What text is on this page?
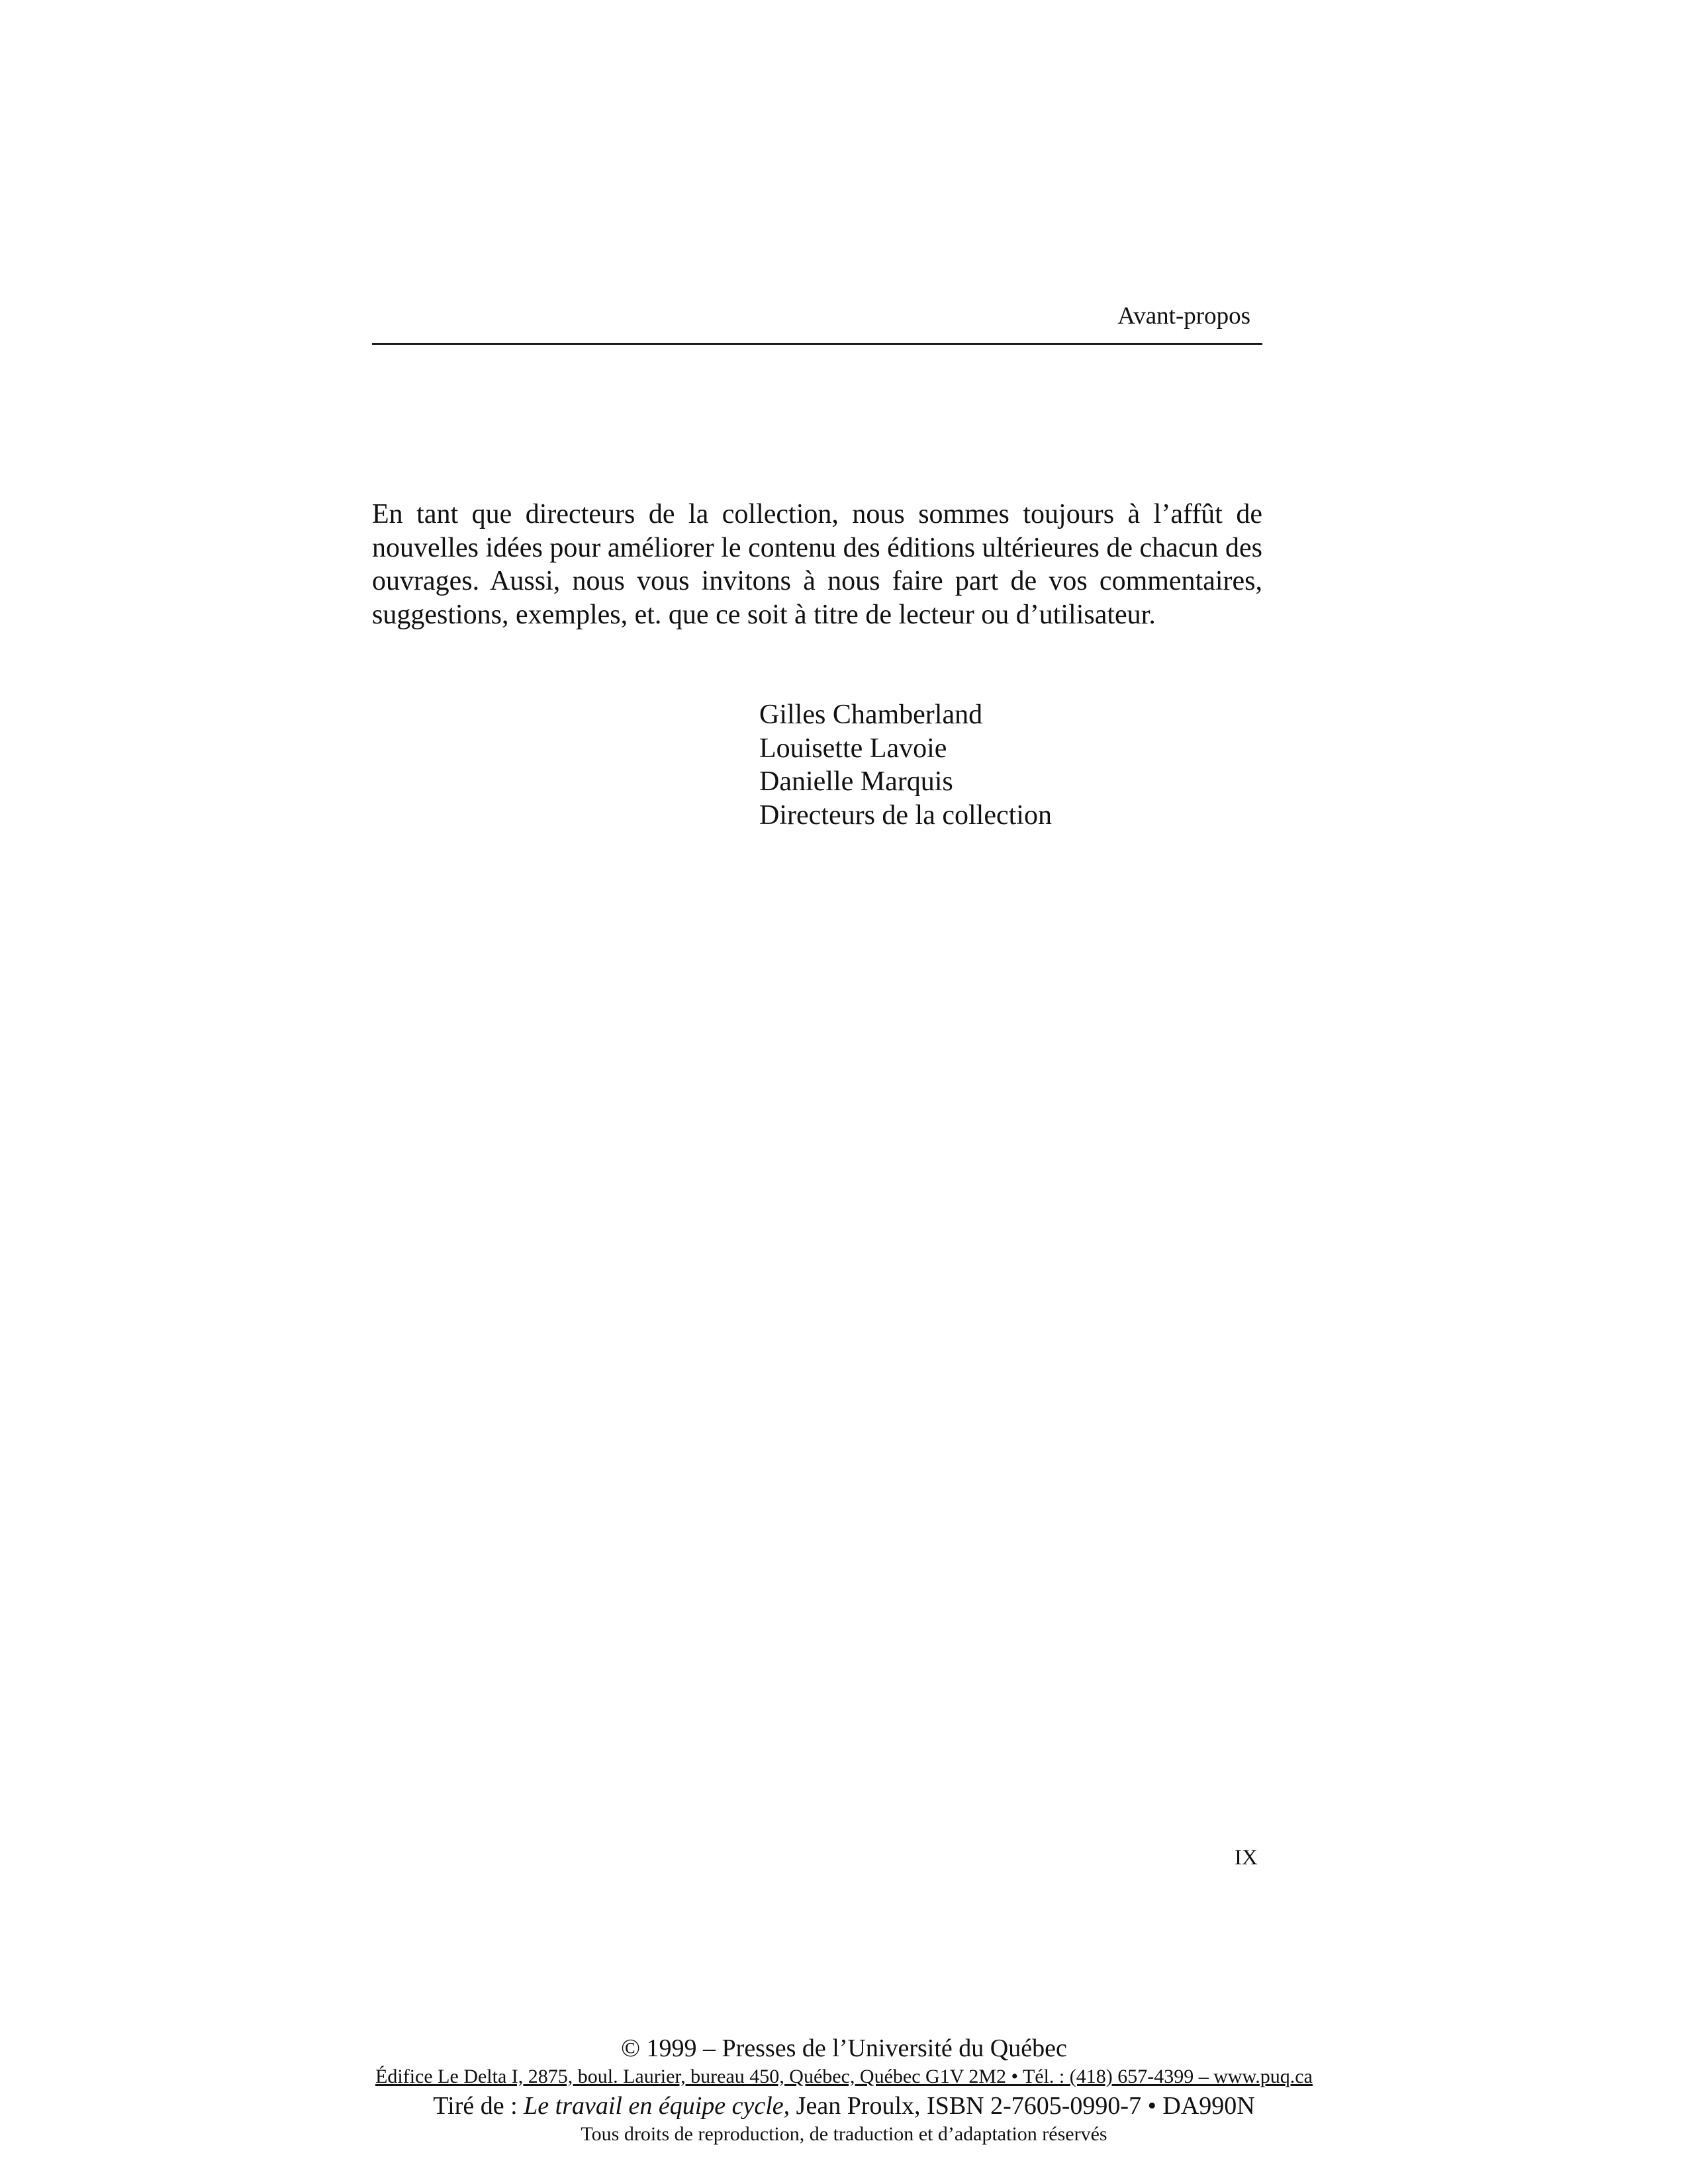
Avant-propos

En tant que directeurs de la collection, nous sommes toujours à l’affût de nouvelles idées pour améliorer le contenu des éditions ultérieures de chacun des ouvrages. Aussi, nous vous invitons à nous faire part de vos commentaires, suggestions, exemples, et. que ce soit à titre de lecteur ou d’utilisateur.

Gilles Chamberland
Louisette Lavoie
Danielle Marquis
Directeurs de la collection
IX
© 1999 – Presses de l’Université du Québec
Édifice Le Delta I, 2875, boul. Laurier, bureau 450, Québec, Québec G1V 2M2 • Tél. : (418) 657-4399 – www.puq.ca
Tiré de : Le travail en équipe cycle, Jean Proulx, ISBN 2-7605-0990-7 • DA990N
Tous droits de reproduction, de traduction et d’adaptation réservés
